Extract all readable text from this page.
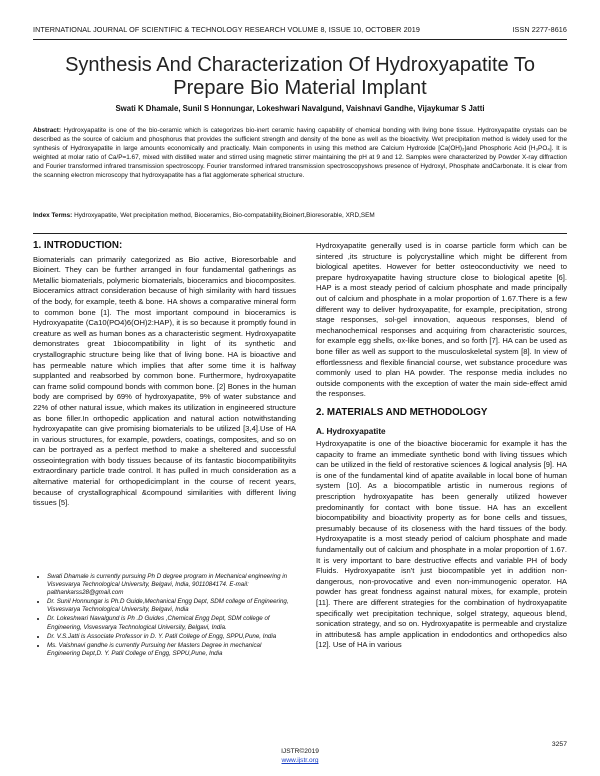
INTERNATIONAL JOURNAL OF SCIENTIFIC & TECHNOLOGY RESEARCH VOLUME 8, ISSUE 10, OCTOBER 2019	ISSN 2277-8616
Synthesis And Characterization Of Hydroxyapatite To Prepare Bio Material Implant
Swati K Dhamale, Sunil S Honnungar, Lokeshwari Navalgund, Vaishnavi Gandhe, Vijaykumar S Jatti
Abstract: Hydroxyapatite is one of the bio-ceramic which is categorizes bio-inert ceramic having capability of chemical bonding with living bone tissue. Hydroxyapatite crystals can be described as the source of calcium and phosphorus that provides the sufficient strength and density of the bone as well as the bioactivity. Wet precipitation method is widely used for the synthesis of Hydroxyapatite in large amounts economically and practically. Main components in using this method are Calcium Hydroxide [Ca(OH)₂]and Phosphoric Acid [H₃PO₄]. It is weighted at molar ratio of Ca/P=1.67, mixed with distilled water and stirred using magnetic stirrer maintaining the pH at 9 and 12. Samples were characterized by Powder X-ray diffraction and Fourier transformed infrared transmission spectroscopy. Fourier transformed infrared transmission spectroscopyshows presence of Hydroxyl, Phosphate andCarbonate. It is clear from the scanning electron microscopy that hydroxyapatite has a flat agglomerate spherical structure.
Index Terms: Hydroxyapatite, Wet precipitation method, Bioceramics, Bio-compatability,Bioinert,Bioresorable, XRD,SEM
1. INTRODUCTION:

Biomaterials can primarily categorized as Bio active, Bioresorbable and Bioinert. They can be further arranged in four fundamental gatherings as Metallic biomaterials, polymeric biomaterials, bioceramics and biocomposites. Bioceramics attract consideration because of high similarity with hard tissues of the body, for example, teeth & bone. HA shows a comparative mineral form to common bone [1]. The most important compound in bioceramics is Hydroxyapatite (Ca10(PO4)6(OH)2:HAP), it is so because it promptly found in creature as well as human bones as a characteristic segment. Hydroxyapatite demonstrates great 1biocompatibility in light of its synthetic and crystallographic structure being like that of living bone. HA is bioactive and has permeable nature which implies that after some time it is halfway supplanted and reabsorbed by common bone. Furthermore, hydroxyapatite can frame solid compound bonds with common bone. [2] Bones in the human body are comprised by 69% of hydroxyapatite, 9% of water substance and 22% of other natural issue, which makes its utilization in engineered structure as bone filler.In orthopedic application and natural action notwithstanding hydroxyapatite can give promising biomaterials to be utilized [3,4].Use of HA in various structures, for example, powders, coatings, composites, and so on can be portrayed as a perfect method to make a sheltered and successful osseointegration with body tissues because of its fantastic biocompatibilityits extraordinary particle trade control. It has pulled in much consideration as a alternative material for orthopedicimplant in the course of recent years, because of crystallographical &compound similarities with different living tissues [5].

• Swati Dhamale is currently pursuing Ph D degree program in Mechanical engineering in Visvesvarya Technological University, Belgavi, India, 9011084174. E-mail: palthankarss28@gmail.com
• Dr. Sunil Honnungar is Ph.D Guide,Mechanical Engg Dept, SDM college of Engineering, Visvesvarya Technological University, Belgavi, India
• Dr. Lokeshwari Navalgund is Ph .D Guides ,Chemical Engg Dept, SDM college of Engineering, Visvesvarya Technological University, Belgavi, India.
• Dr. V.S.Jatti is Associate Professor in D. Y. Patil College of Engg, SPPU,Pune, India
• Ms. Vaishnavi gandhe is currently Pursuing her Masters Degree in mechanical Engineering Dept,D. Y. Patil College of Engg, SPPU,Pune, India

Hydroxyapatite generally used is in coarse particle form which can be sintered ,its structure is polycrystalline which might be different from biological apetites. However for better osteoconductivity we need to prepare hydroxyapatite having structure close to biological apetite [6]. HAP is a most steady period of calcium phosphate and made principally out of calcium and phosphate in a molar proportion of 1.67.There is a few different way to deliver hydroxyapatite, for example, precipitation, strong stage responses, sol-gel innovation, aqueous responses, blend of mechanochemical responses and acquiring from characteristic sources, for example egg shells, ox-like bones, and so forth [7]. HA can be used as bone filler as well as support to the musculoskeletal system [8]. In view of effortlessness and flexible financial course, wet substance procedure was commonly used to plan HA powder. The response media includes no outside components with the exception of water the main side-effect amid the responses.

2. MATERIALS AND METHODOLOGY
A. Hydroxyapatite

Hydroxyapatite is one of the bioactive bioceramic for example it has the capacity to frame an immediate synthetic bond with living tissues which can be utilized in the field of restorative sciences & logical analysis [9]. HA is one of the fundamental kind of apatite available in local bone of human system [10]. As a biocompatible artistic in numerous regions of prescription hydroxyapatite has been generally utilized however predominantly for contact with bone tissue. HA has an excellent biocompatibility and bioactivity property as for bone cells and tissues, presumably because of its closeness with the hard tissues of the body. Hydroxyapatite is a most steady period of calcium phosphate and made fundamentally out of calcium and phosphate in a molar proportion of 1.67. It is very important to bare destructive effects and variable PH of body Fluids. Hydroxyapatite isn't just biocompatible yet in addition non-dangerous, non-provocative and even non-immunogenic operator. HA powder has great fondness against natural mixes, for example, protein [11]. There are different strategies for the combination of hydroxyapatite specifically wet precipitation technique, solgel strategy, aqueous blend, sonication strategy, and so on. Hydroxyapatite is permeable and crystalize in attributes& has ample application in endodontics and orthopedics also [12]. Use of HA in various

3257
IJSTR©2019
www.ijstr.org
